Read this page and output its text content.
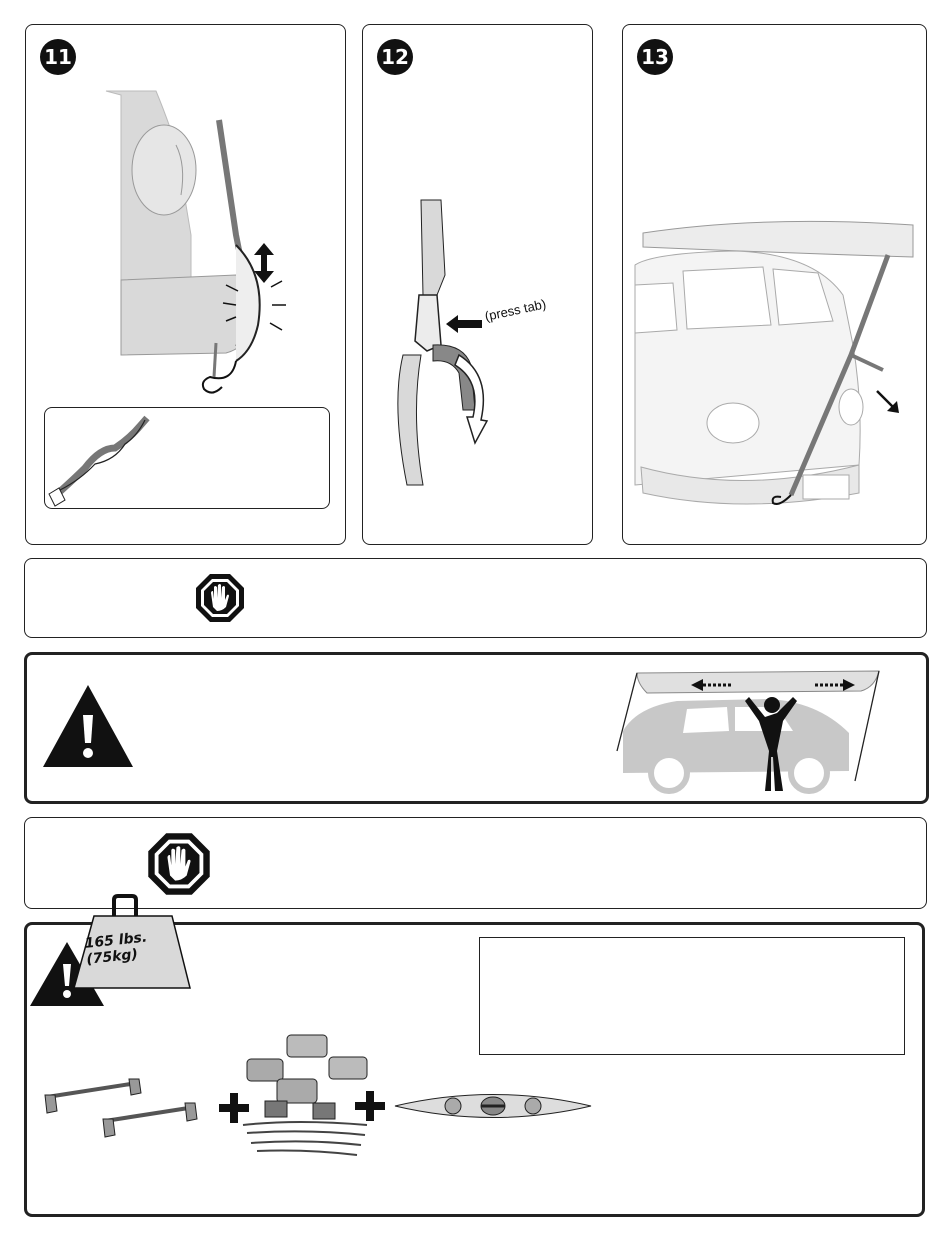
11	12
(press tab)
13
165 lbs.
(75kg)
